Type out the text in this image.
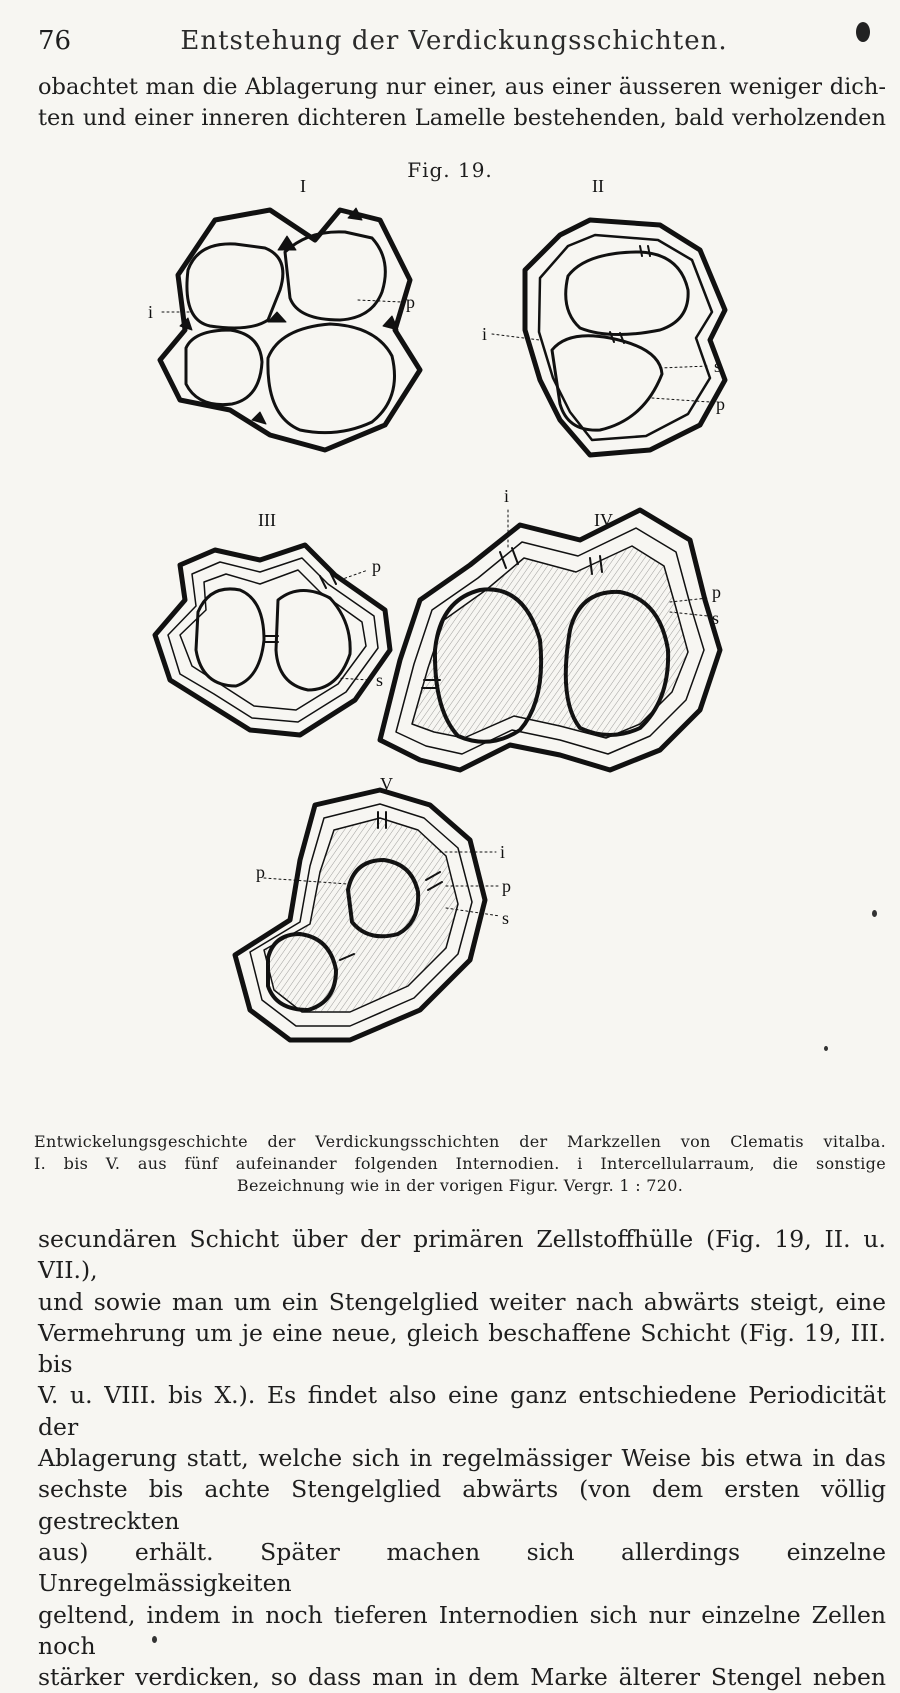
76	Entstehung der Verdickungsschichten.

obachtet man die Ablagerung nur einer, aus einer äusseren weniger dich-

ten und einer inneren dichteren Lamelle bestehenden, bald verholzenden

Fig. 19.
I
i	p
II
i
s
p
III
p
s
IV
i
p
s
V
p
i
p
s
Entwickelungsgeschichte der Verdickungsschichten der Markzellen von Clematis vitalba.
I. bis V. aus fünf aufeinander folgenden Internodien. i Intercellularraum, die sonstige
Bezeichnung wie in der vorigen Figur. Vergr. 1 : 720.

secundären Schicht über der primären Zellstoffhülle (Fig. 19, II. u. VII.),

und sowie man um ein Stengelglied weiter nach abwärts steigt, eine

Vermehrung um je eine neue, gleich beschaffene Schicht (Fig. 19, III. bis

V. u. VIII. bis X.). Es findet also eine ganz entschiedene Periodicität der

Ablagerung statt, welche sich in regelmässiger Weise bis etwa in das

sechste bis achte Stengelglied abwärts (von dem ersten völlig gestreckten

aus) erhält. Später machen sich allerdings einzelne Unregelmässigkeiten

geltend, indem in noch tieferen Internodien sich nur einzelne Zellen noch

stärker verdicken, so dass man in dem Marke älterer Stengel neben
